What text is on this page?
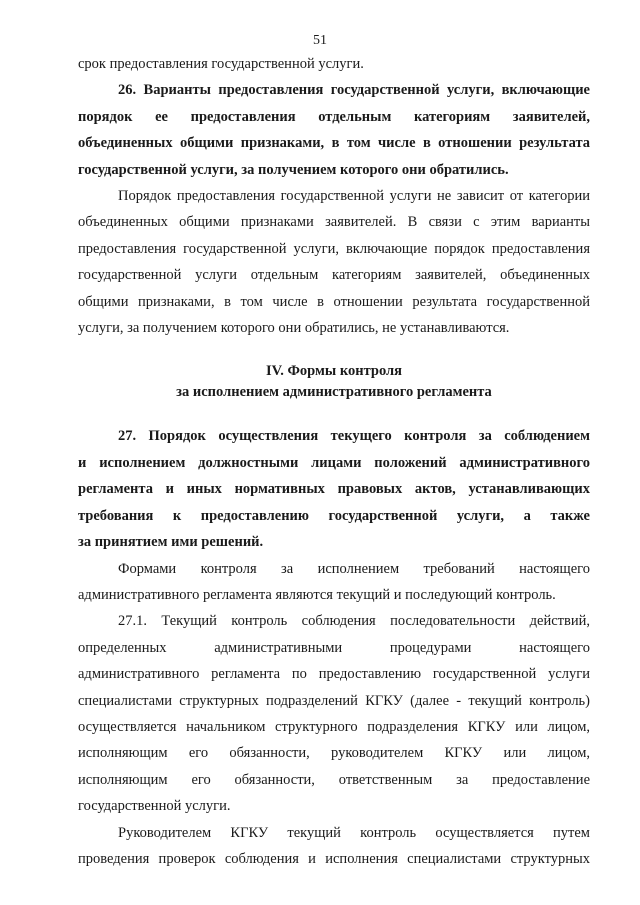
51

срок предоставления государственной услуги.

26. Варианты предоставления государственной услуги, включающие

порядок ее предоставления отдельным категориям заявителей,

объединенных общими признаками, в том числе в отношении результата

государственной услуги, за получением которого они обратились.

Порядок предоставления государственной услуги не зависит от категории

объединенных общими признаками заявителей. В связи с этим варианты

предоставления государственной услуги, включающие порядок предоставления

государственной услуги отдельным категориям заявителей, объединенных

общими признаками, в том числе в отношении результата государственной

услуги, за получением которого они обратились, не устанавливаются.

IV. Формы контроля

за исполнением административного регламента

27. Порядок осуществления текущего контроля за соблюдением

и исполнением должностными лицами положений административного

регламента и иных нормативных правовых актов, устанавливающих

требования к предоставлению государственной услуги, а также

за принятием ими решений.

Формами контроля за исполнением требований настоящего

административного регламента являются текущий и последующий контроль.

27.1. Текущий контроль соблюдения последовательности действий,

определенных административными процедурами настоящего

административного регламента по предоставлению государственной услуги

специалистами структурных подразделений КГКУ (далее - текущий контроль)

осуществляется начальником структурного подразделения КГКУ или лицом,

исполняющим его обязанности, руководителем КГКУ или лицом,

исполняющим его обязанности, ответственным за предоставление

государственной услуги.

Руководителем КГКУ текущий контроль осуществляется путем

проведения проверок соблюдения и исполнения специалистами структурных
